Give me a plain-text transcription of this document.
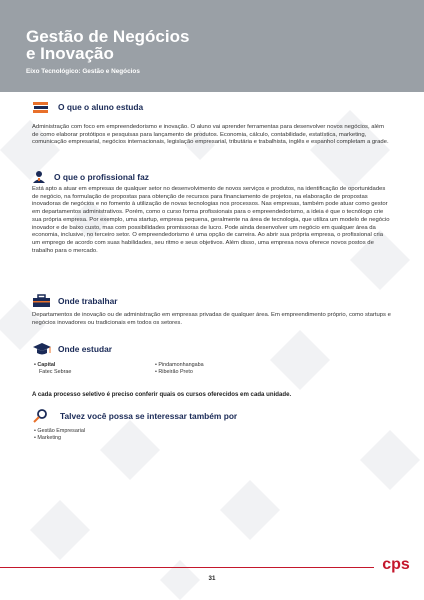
Gestão de Negócios
e Inovação
Eixo Tecnológico: Gestão e Negócios
O que o aluno estuda
Administração com foco em empreendedorismo e inovação. O aluno vai aprender ferramentas para desenvolver novos negócios, além de como elaborar protótipos e pesquisas para lançamento de produtos. Economia, cálculo, contabilidade, estatística, marketing, comunicação empresarial, negócios internacionais, legislação empresarial, tributária e trabalhista, inglês e espanhol completam a grade.
O que o profissional faz
Está apto a atuar em empresas de qualquer setor no desenvolvimento de novos serviços e produtos, na identificação de oportunidades de negócio, na formulação de propostas para obtenção de recursos para financiamento de projetos, na elaboração de propostas inovadoras de negócios e no fomento à utilização de novas tecnologias nos processos. Nas empresas, também pode atuar como gestor em departamentos administrativos. Porém, como o curso forma profissionais para o empreendedorismo, a ideia é que o tecnólogo crie sua própria empresa. Por exemplo, uma startup, empresa pequena, geralmente na área de tecnologia, que utiliza um modelo de negócio inovador e de baixo custo, mas com possibilidades promissoras de lucro. Pode ainda desenvolver um negócio em qualquer área da economia, inclusive, no terceiro setor. O empreendedorismo é uma opção de carreira. Ao abrir sua própria empresa, o profissional cria um emprego de acordo com suas habilidades, seu ritmo e seus objetivos. Além disso, uma empresa nova oferece novos postos de trabalho para o mercado.
Onde trabalhar
Departamentos de inovação ou de administração em empresas privadas de qualquer área. Em empreendimento próprio, como startups e negócios inovadores ou tradicionais em todos os setores.
Onde estudar
• Capital
Fatec Sebrae
• Pindamonhangaba
• Ribeirão Preto
A cada processo seletivo é preciso conferir quais os cursos oferecidos em cada unidade.
Talvez você possa se interessar também por
• Gestão Empresarial
• Marketing
cps
31
